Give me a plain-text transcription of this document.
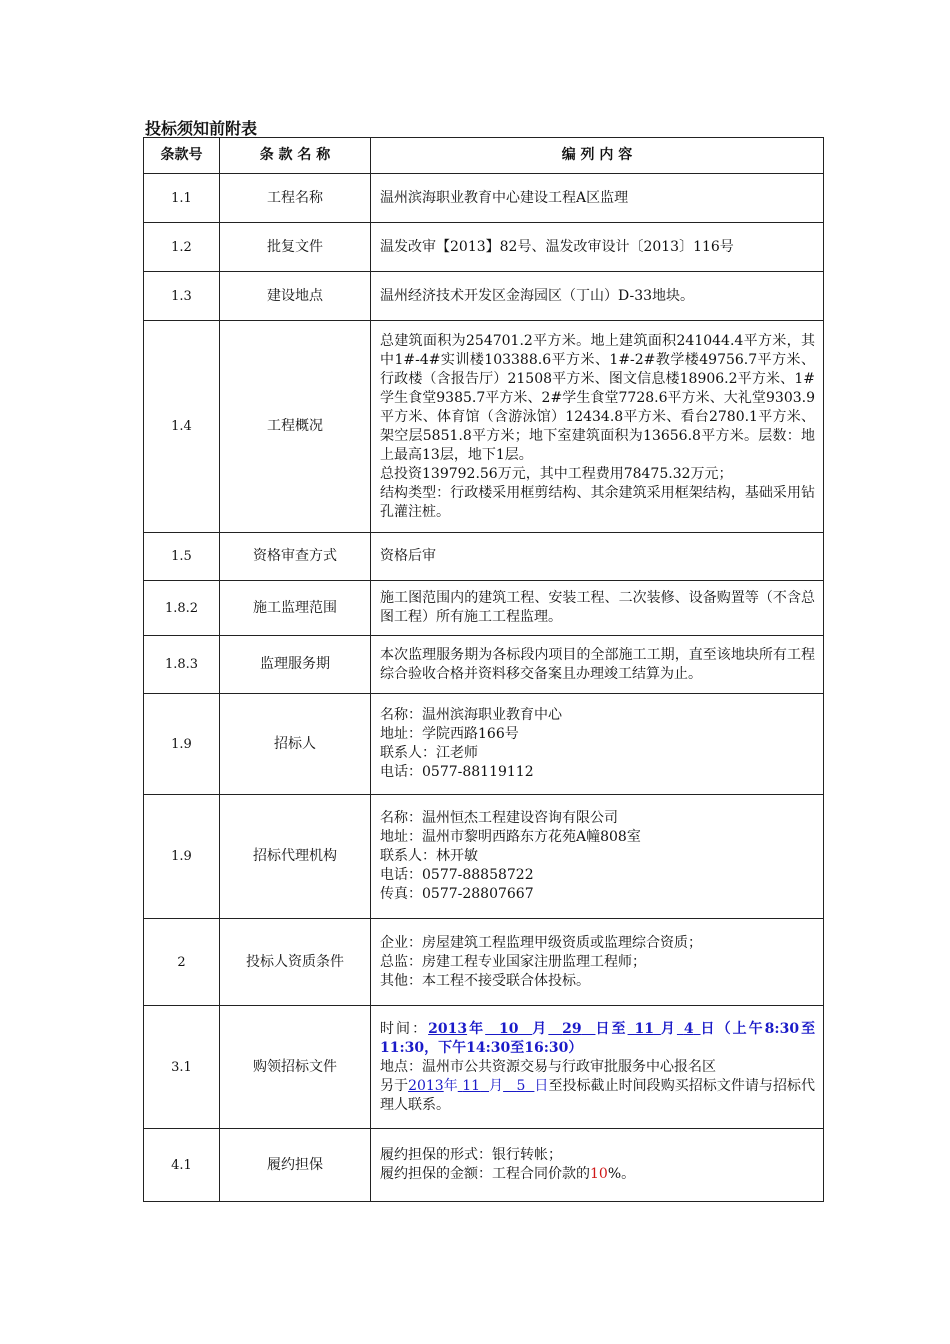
投标须知前附表
条款号	条 款 名 称	编 列 内 容
1.1	工程名称	温州滨海职业教育中心建设工程A区监理

1.2	批复文件	温发改审【2013】82号、温发改审设计〔2013〕116号

1.3	建设地点	温州经济技术开发区金海园区（丁山）D-33地块。

1.4	工程概况	总建筑面积为254701.2平方米。地上建筑面积241044.4平方米，其中1#-4#实训楼103388.6平方米、1#-2#教学楼49756.7平方米、行政楼（含报告厅）21508平方米、图文信息楼18906.2平方米、1#学生食堂9385.7平方米、2#学生食堂7728.6平方米、大礼堂9303.9平方米、体育馆（含游泳馆）12434.8平方米、看台2780.1平方米、架空层5851.8平方米；地下室建筑面积为13656.8平方米。层数：地上最高13层，地下1层。
总投资139792.56万元，其中工程费用78475.32万元；
结构类型：行政楼采用框剪结构、其余建筑采用框架结构，基础采用钻孔灌注桩。

1.5	资格审查方式	资格后审

1.8.2	施工监理范围	施工图范围内的建筑工程、安装工程、二次装修、设备购置等（不含总图工程）所有施工工程监理。

1.8.3	监理服务期	本次监理服务期为各标段内项目的全部施工工期，直至该地块所有工程综合验收合格并资料移交备案且办理竣工结算为止。

1.9	招标人	名称：温州滨海职业教育中心
地址：学院西路166号
联系人：江老师
电话：0577-88119112

1.9	招标代理机构	名称：温州恒杰工程建设咨询有限公司
地址：温州市黎明西路东方花苑A幢808室
联系人：林开敏
电话：0577-88858722
传真：0577-28807667

2	投标人资质条件	企业：房屋建筑工程监理甲级资质或监理综合资质；
总监：房建工程专业国家注册监理工程师；
其他：本工程不接受联合体投标。

3.1	购领招标文件	时间：2013年 10 月 29 日至 11 月 4 日（上午8:30至11:30，下午14:30至16:30）
地点：温州市公共资源交易与行政审批服务中心报名区
另于2013年 11 月 5 日至投标截止时间段购买招标文件请与招标代理人联系。

4.1	履约担保	履约担保的形式：银行转帐；
履约担保的金额：工程合同价款的10%。
